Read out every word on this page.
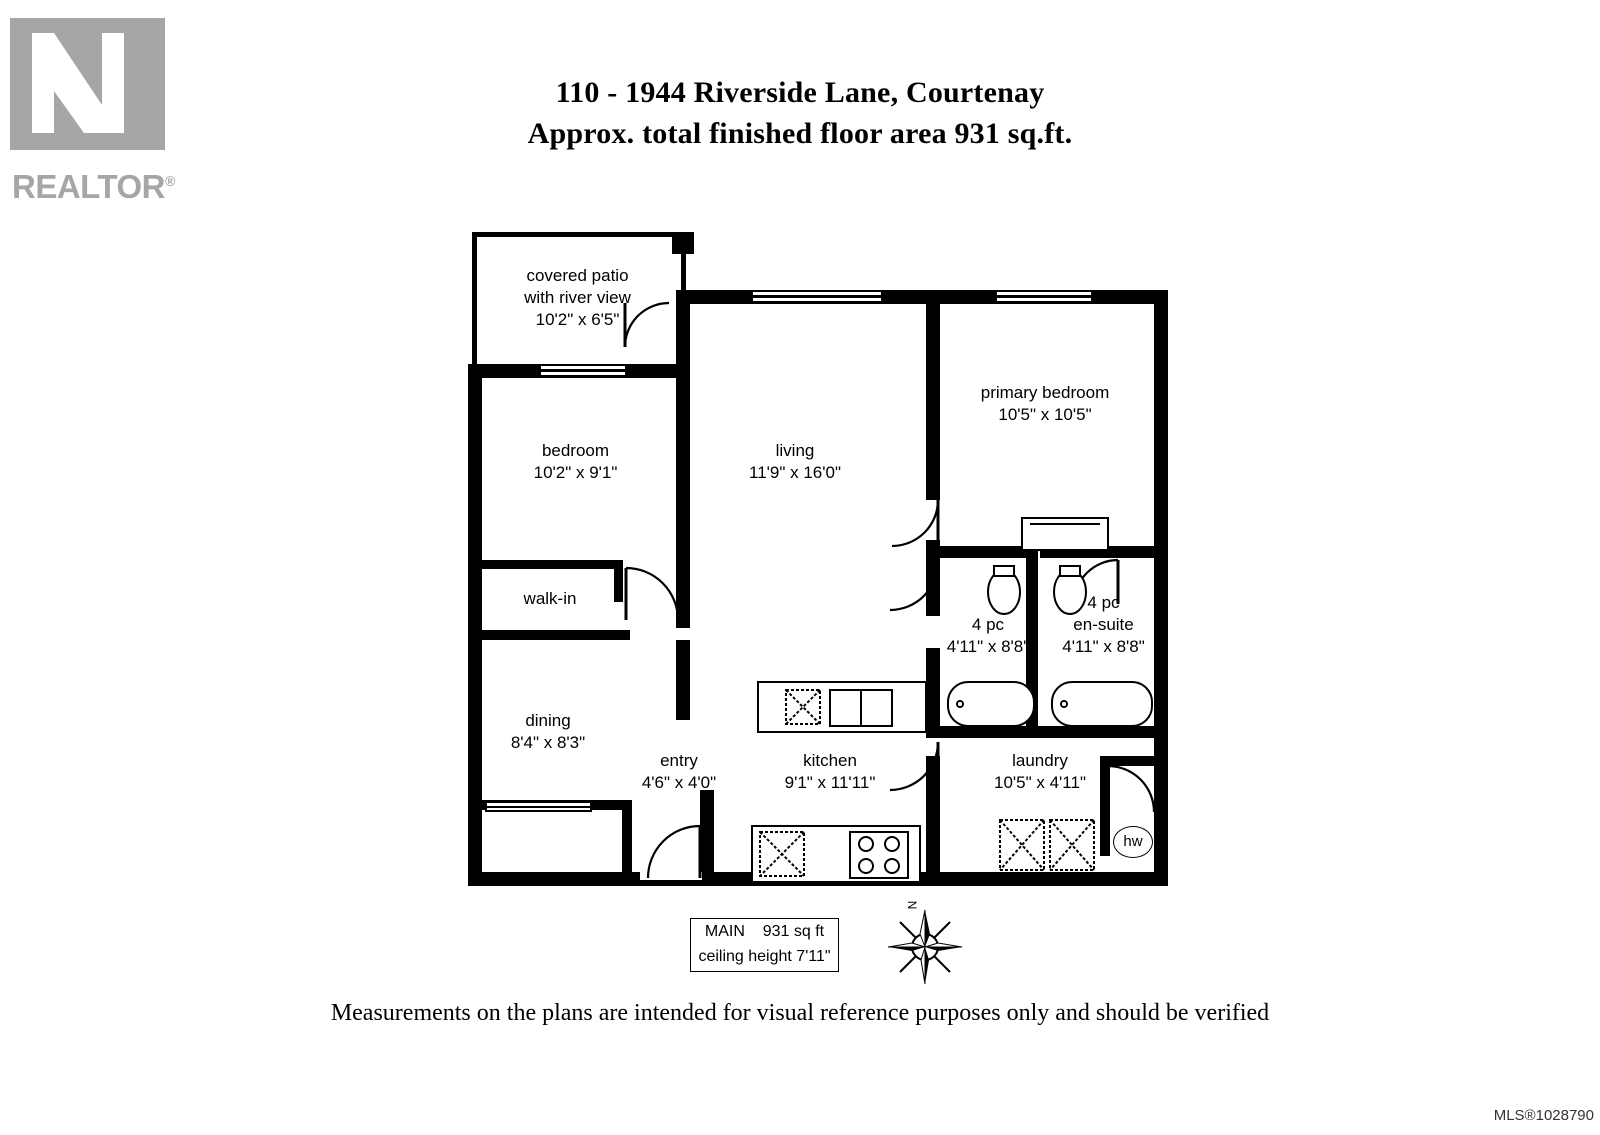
REALTOR®
110 - 1944 Riverside Lane, Courtenay
Approx. total finished floor area 931 sq.ft.
covered patio
with river view
10'2" x 6'5"
bedroom
10'2" x 9'1"
living
11'9" x 16'0"
primary bedroom
10'5" x 10'5"
walk-in
dining
8'4" x 8'3"
entry
4'6" x 4'0"
kitchen
9'1" x 11'11"
4 pc
4'11" x 8'8"
4 pc
en-suite
4'11" x 8'8"
laundry
10'5" x 4'11"
hw
MAIN 931 sq ft
ceiling height 7'11"
N
Measurements on the plans are intended for visual reference purposes only and should be verified
MLS®1028790
